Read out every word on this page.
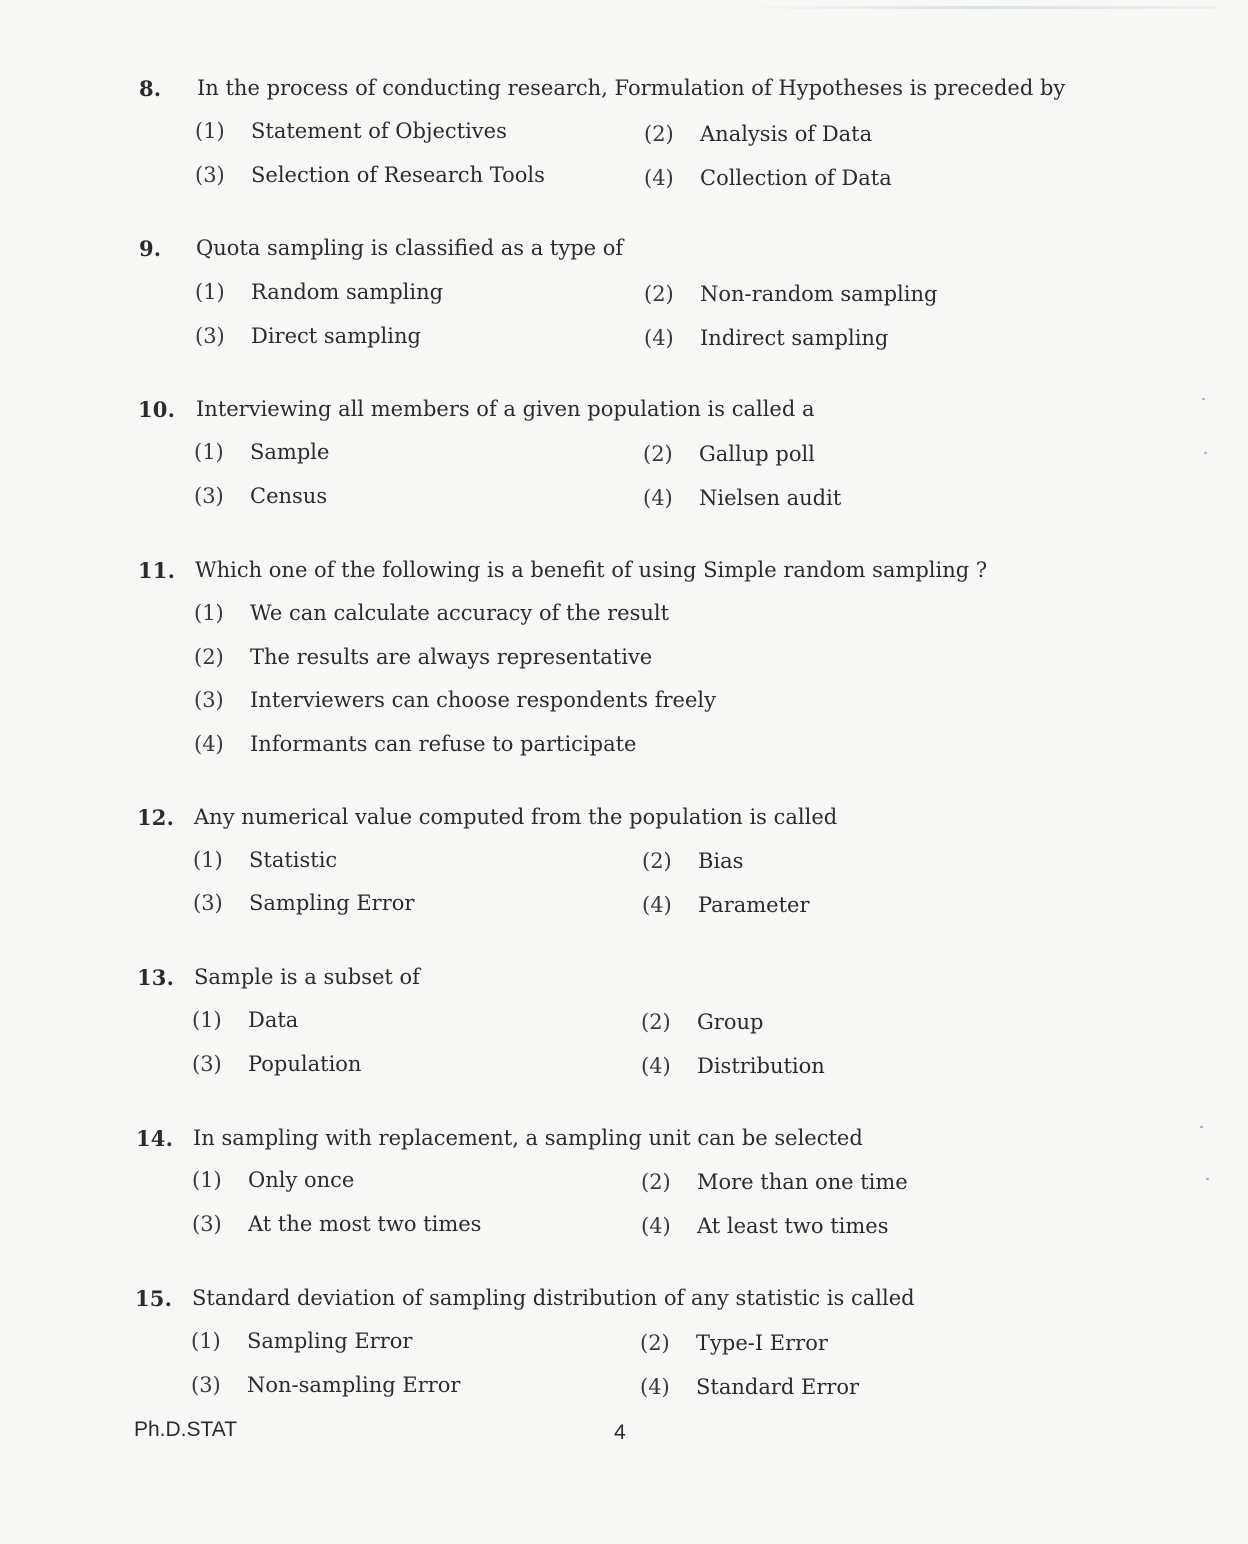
8. In the process of conducting research, Formulation of Hypotheses is preceded by
(1) Statement of Objectives	(2) Analysis of Data
(3) Selection of Research Tools	(4) Collection of Data
9. Quota sampling is classified as a type of
(1) Random sampling	(2) Non-random sampling
(3) Direct sampling	(4) Indirect sampling
10. Interviewing all members of a given population is called a
(1) Sample	(2) Gallup poll
(3) Census	(4) Nielsen audit
11. Which one of the following is a benefit of using Simple random sampling ?
(1) We can calculate accuracy of the result
(2) The results are always representative
(3) Interviewers can choose respondents freely
(4) Informants can refuse to participate
12. Any numerical value computed from the population is called
(1) Statistic	(2) Bias
(3) Sampling Error	(4) Parameter
13. Sample is a subset of
(1) Data	(2) Group
(3) Population	(4) Distribution
14. In sampling with replacement, a sampling unit can be selected
(1) Only once	(2) More than one time
(3) At the most two times	(4) At least two times
15. Standard deviation of sampling distribution of any statistic is called
(1) Sampling Error	(2) Type-I Error
(3) Non-sampling Error	(4) Standard Error
Ph.D.STAT	4
